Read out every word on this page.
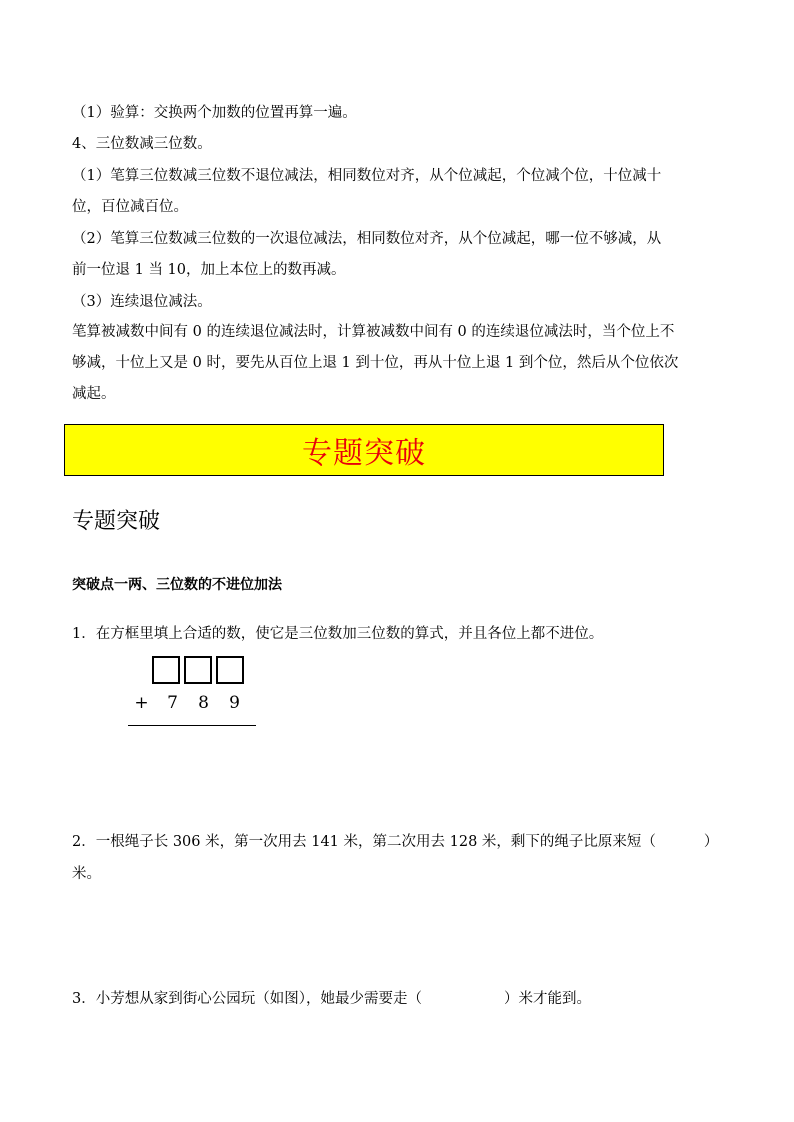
（1）验算：交换两个加数的位置再算一遍。
4、三位数减三位数。
（1）笔算三位数减三位数不退位减法，相同数位对齐，从个位减起，个位减个位，十位减十
位，百位减百位。
（2）笔算三位数减三位数的一次退位减法，相同数位对齐，从个位减起，哪一位不够减，从
前一位退 1 当 10，加上本位上的数再减。
（3）连续退位减法。
笔算被减数中间有 0 的连续退位减法时，计算被减数中间有 0 的连续退位减法时，当个位上不
够减，十位上又是 0 时，要先从百位上退 1 到十位，再从十位上退 1 到个位，然后从个位依次
减起。
专题突破
专题突破
突破点一两、三位数的不进位加法
1．在方框里填上合适的数，使它是三位数加三位数的算式，并且各位上都不进位。
+	7	8	9
2．一根绳子长 306 米，第一次用去 141 米，第二次用去 128 米，剩下的绳子比原来短（	）
米。
3．小芳想从家到街心公园玩（如图），她最少需要走（	）米才能到。
